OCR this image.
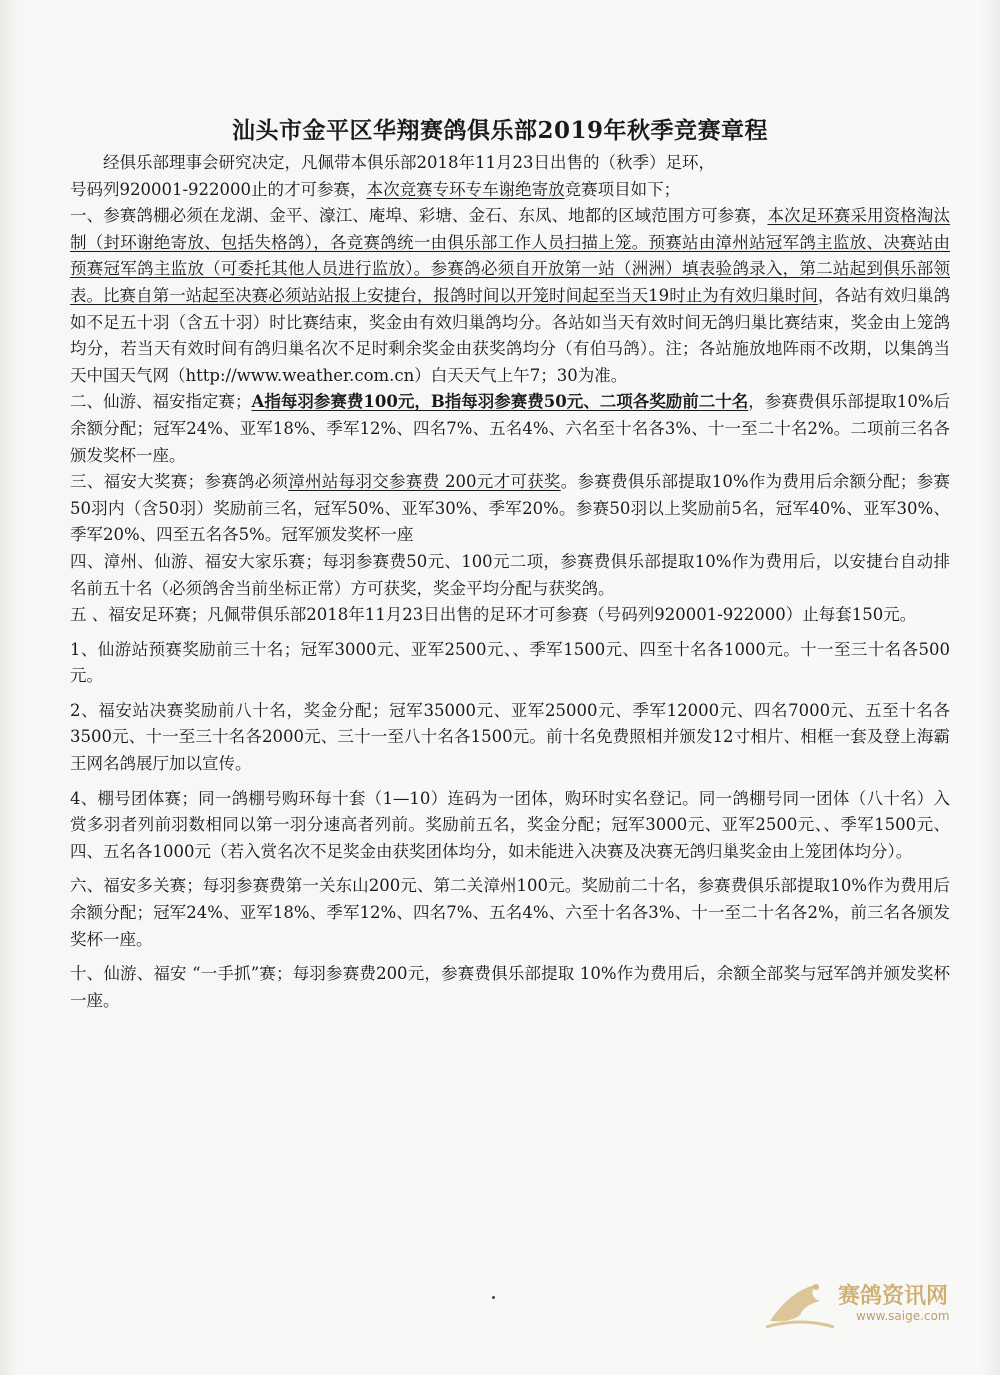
汕头市金平区华翔赛鸽俱乐部2019年秋季竞赛章程

经俱乐部理事会研究决定，凡佩带本俱乐部2018年11月23日出售的（秋季）足环，
号码列920001-922000止的才可参赛，本次竞赛专环专车谢绝寄放竞赛项目如下；

一、参赛鸽棚必须在龙湖、金平、濠江、庵埠、彩塘、金石、东凤、地都的区域范围方可参赛，本次足环赛采用资格淘汰制（封环谢绝寄放、包括失格鸽），各竞赛鸽统一由俱乐部工作人员扫描上笼。预赛站由漳州站冠军鸽主监放、决赛站由预赛冠军鸽主监放（可委托其他人员进行监放）。参赛鸽必须自开放第一站（洲洲）填表验鸽录入，第二站起到俱乐部领表。比赛自第一站起至决赛必须站站报上安捷台，报鸽时间以开笼时间起至当天19时止为有效归巢时间，各站有效归巢鸽如不足五十羽（含五十羽）时比赛结束，奖金由有效归巢鸽均分。各站如当天有效时间无鸽归巢比赛结束，奖金由上笼鸽均分，若当天有效时间有鸽归巢名次不足时剩余奖金由获奖鸽均分（有伯马鸽）。注；各站施放地阵雨不改期，以集鸽当天中国天气网（http://www.weather.com.cn）白天天气上午7；30为准。

二、仙游、福安指定赛；A指每羽参赛费100元，B指每羽参赛费50元、二项各奖励前二十名，参赛费俱乐部提取10%后余额分配；冠军24%、亚军18%、季军12%、四名7%、五名4%、六名至十名各3%、十一至二十名2%。二项前三名各颁发奖杯一座。

三、福安大奖赛；参赛鸽必须漳州站每羽交参赛费 200元才可获奖。参赛费俱乐部提取10%作为费用后余额分配；参赛50羽内（含50羽）奖励前三名，冠军50%、亚军30%、季军20%。参赛50羽以上奖励前5名，冠军40%、亚军30%、季军20%、四至五名各5%。冠军颁发奖杯一座

四、漳州、仙游、福安大家乐赛；每羽参赛费50元、100元二项，参赛费俱乐部提取10%作为费用后，以安捷台自动排名前五十名（必须鸽舍当前坐标正常）方可获奖，奖金平均分配与获奖鸽。

五 、福安足环赛；凡佩带俱乐部2018年11月23日出售的足环才可参赛（号码列920001-922000）止每套150元。

1、仙游站预赛奖励前三十名；冠军3000元、亚军2500元、、季军1500元、四至十名各1000元。十一至三十名各500元。

2、福安站决赛奖励前八十名，奖金分配；冠军35000元、亚军25000元、季军12000元、四名7000元、五至十名各3500元、十一至三十名各2000元、三十一至八十名各1500元。前十名免费照相并颁发12寸相片、相框一套及登上海霸王网名鸽展厅加以宣传。

4、棚号团体赛；同一鸽棚号购环每十套（1—10）连码为一团体，购环时实名登记。同一鸽棚号同一团体（八十名）入赏多羽者列前羽数相同以第一羽分速高者列前。奖励前五名，奖金分配；冠军3000元、亚军2500元、、季军1500元、四、五名各1000元（若入赏名次不足奖金由获奖团体均分，如未能进入决赛及决赛无鸽归巢奖金由上笼团体均分）。

六、福安多关赛；每羽参赛费第一关东山200元、第二关漳州100元。奖励前二十名，参赛费俱乐部提取10%作为费用后余额分配；冠军24%、亚军18%、季军12%、四名7%、五名4%、六至十名各3%、十一至二十名各2%，前三名各颁发奖杯一座。

十、仙游、福安 “一手抓”赛；每羽参赛费200元，参赛费俱乐部提取 10%作为费用后，余额全部奖与冠军鸽并颁发奖杯一座。

赛鸽资讯网
www.saige.com
